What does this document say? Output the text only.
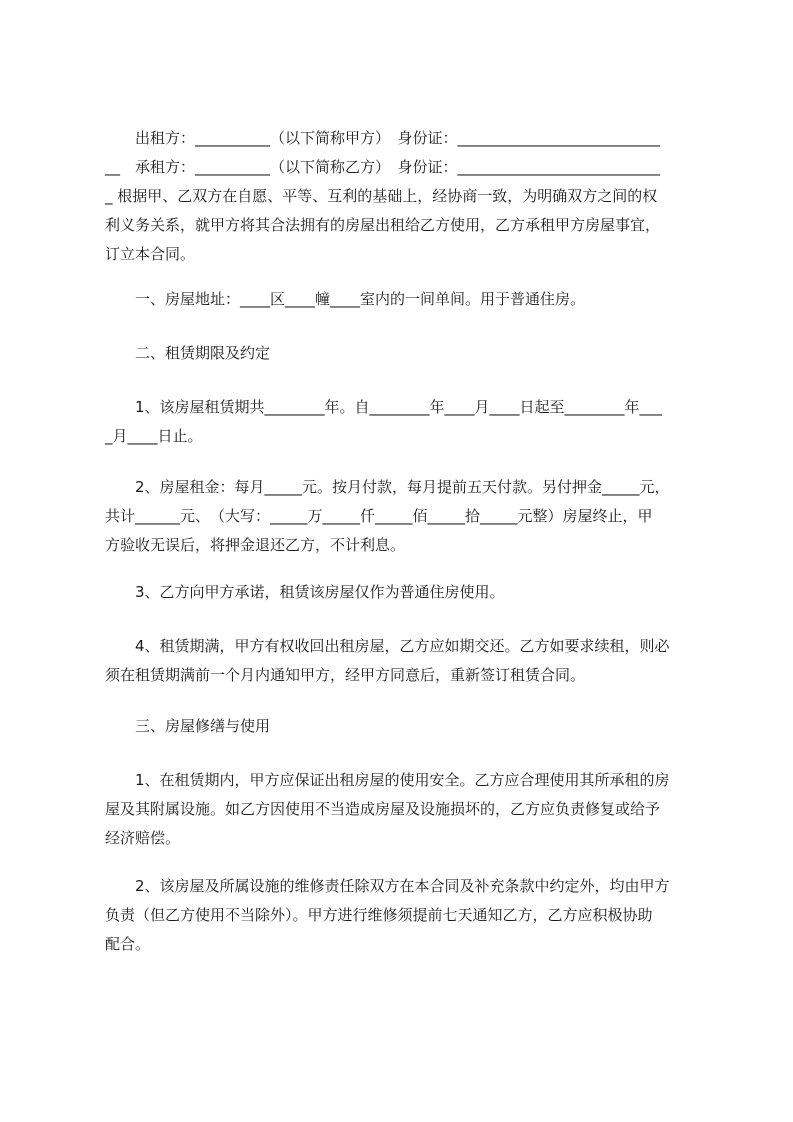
　　出租方：__________（以下简称甲方）　身份证：___________________________
__　承租方：__________（以下简称乙方）　身份证：___________________________
_ 根据甲、乙双方在自愿、平等、互利的基础上，经协商一致，为明确双方之间的权
利义务关系，就甲方将其合法拥有的房屋出租给乙方使用，乙方承租甲方房屋事宜，
订立本合同。
　　一、房屋地址：____区____幢____室内的一间单间。用于普通住房。
　　二、租赁期限及约定
　　1、该房屋租赁期共________年。自________年____月____日起至________年___
_月____日止。
　　2、房屋租金：每月_____元。按月付款，每月提前五天付款。另付押金_____元，
共计______元、　（大写：_____万_____仟_____佰_____拾_____元整）房屋终止，甲
方验收无误后，将押金退还乙方，不计利息。
　　3、乙方向甲方承诺，租赁该房屋仅作为普通住房使用。
　　4、租赁期满，甲方有权收回出租房屋，乙方应如期交还。乙方如要求续租，则必
须在租赁期满前一个月内通知甲方，经甲方同意后，重新签订租赁合同。
　　三、房屋修缮与使用
　　1、在租赁期内，甲方应保证出租房屋的使用安全。乙方应合理使用其所承租的房
屋及其附属设施。如乙方因使用不当造成房屋及设施损坏的，乙方应负责修复或给予
经济赔偿。
　　2、该房屋及所属设施的维修责任除双方在本合同及补充条款中约定外，均由甲方
负责（但乙方使用不当除外）。甲方进行维修须提前七天通知乙方，乙方应积极协助
配合。
